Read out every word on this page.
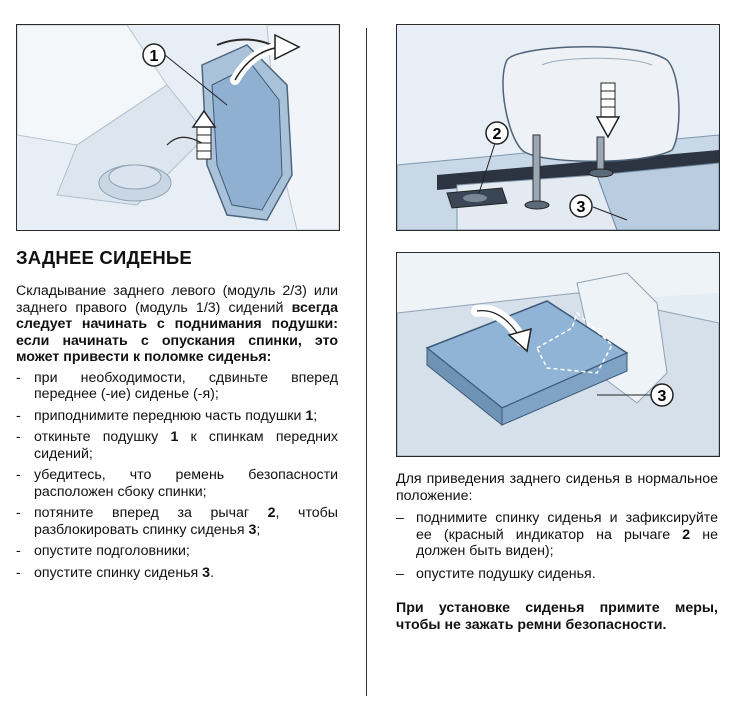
1
2
3
3
ЗАДНЕЕ СИДЕНЬЕ

Складывание заднего левого (модуль 2/3) или заднего правого (модуль 1/3) сидений всегда следует начинать с поднимания подушки: если начинать с опускания спинки, это может привести к поломке сиденья:

- при необходимости, сдвиньте вперед переднее (-ие) сиденье (-я);
- приподнимите переднюю часть подушки 1;
- откиньте подушку 1 к спинкам передних сидений;
- убедитесь, что ремень безопасности расположен сбоку спинки;
- потяните вперед за рычаг 2, чтобы разблокировать спинку сиденья 3;
- опустите подголовники;
- опустите спинку сиденья 3.

Для приведения заднего сиденья в нормальное положение:

– поднимите спинку сиденья и зафиксируйте ее (красный индикатор на рычаге 2 не должен быть виден);
– опустите подушку сиденья.

При установке сиденья примите меры, чтобы не зажать ремни безопасности.
